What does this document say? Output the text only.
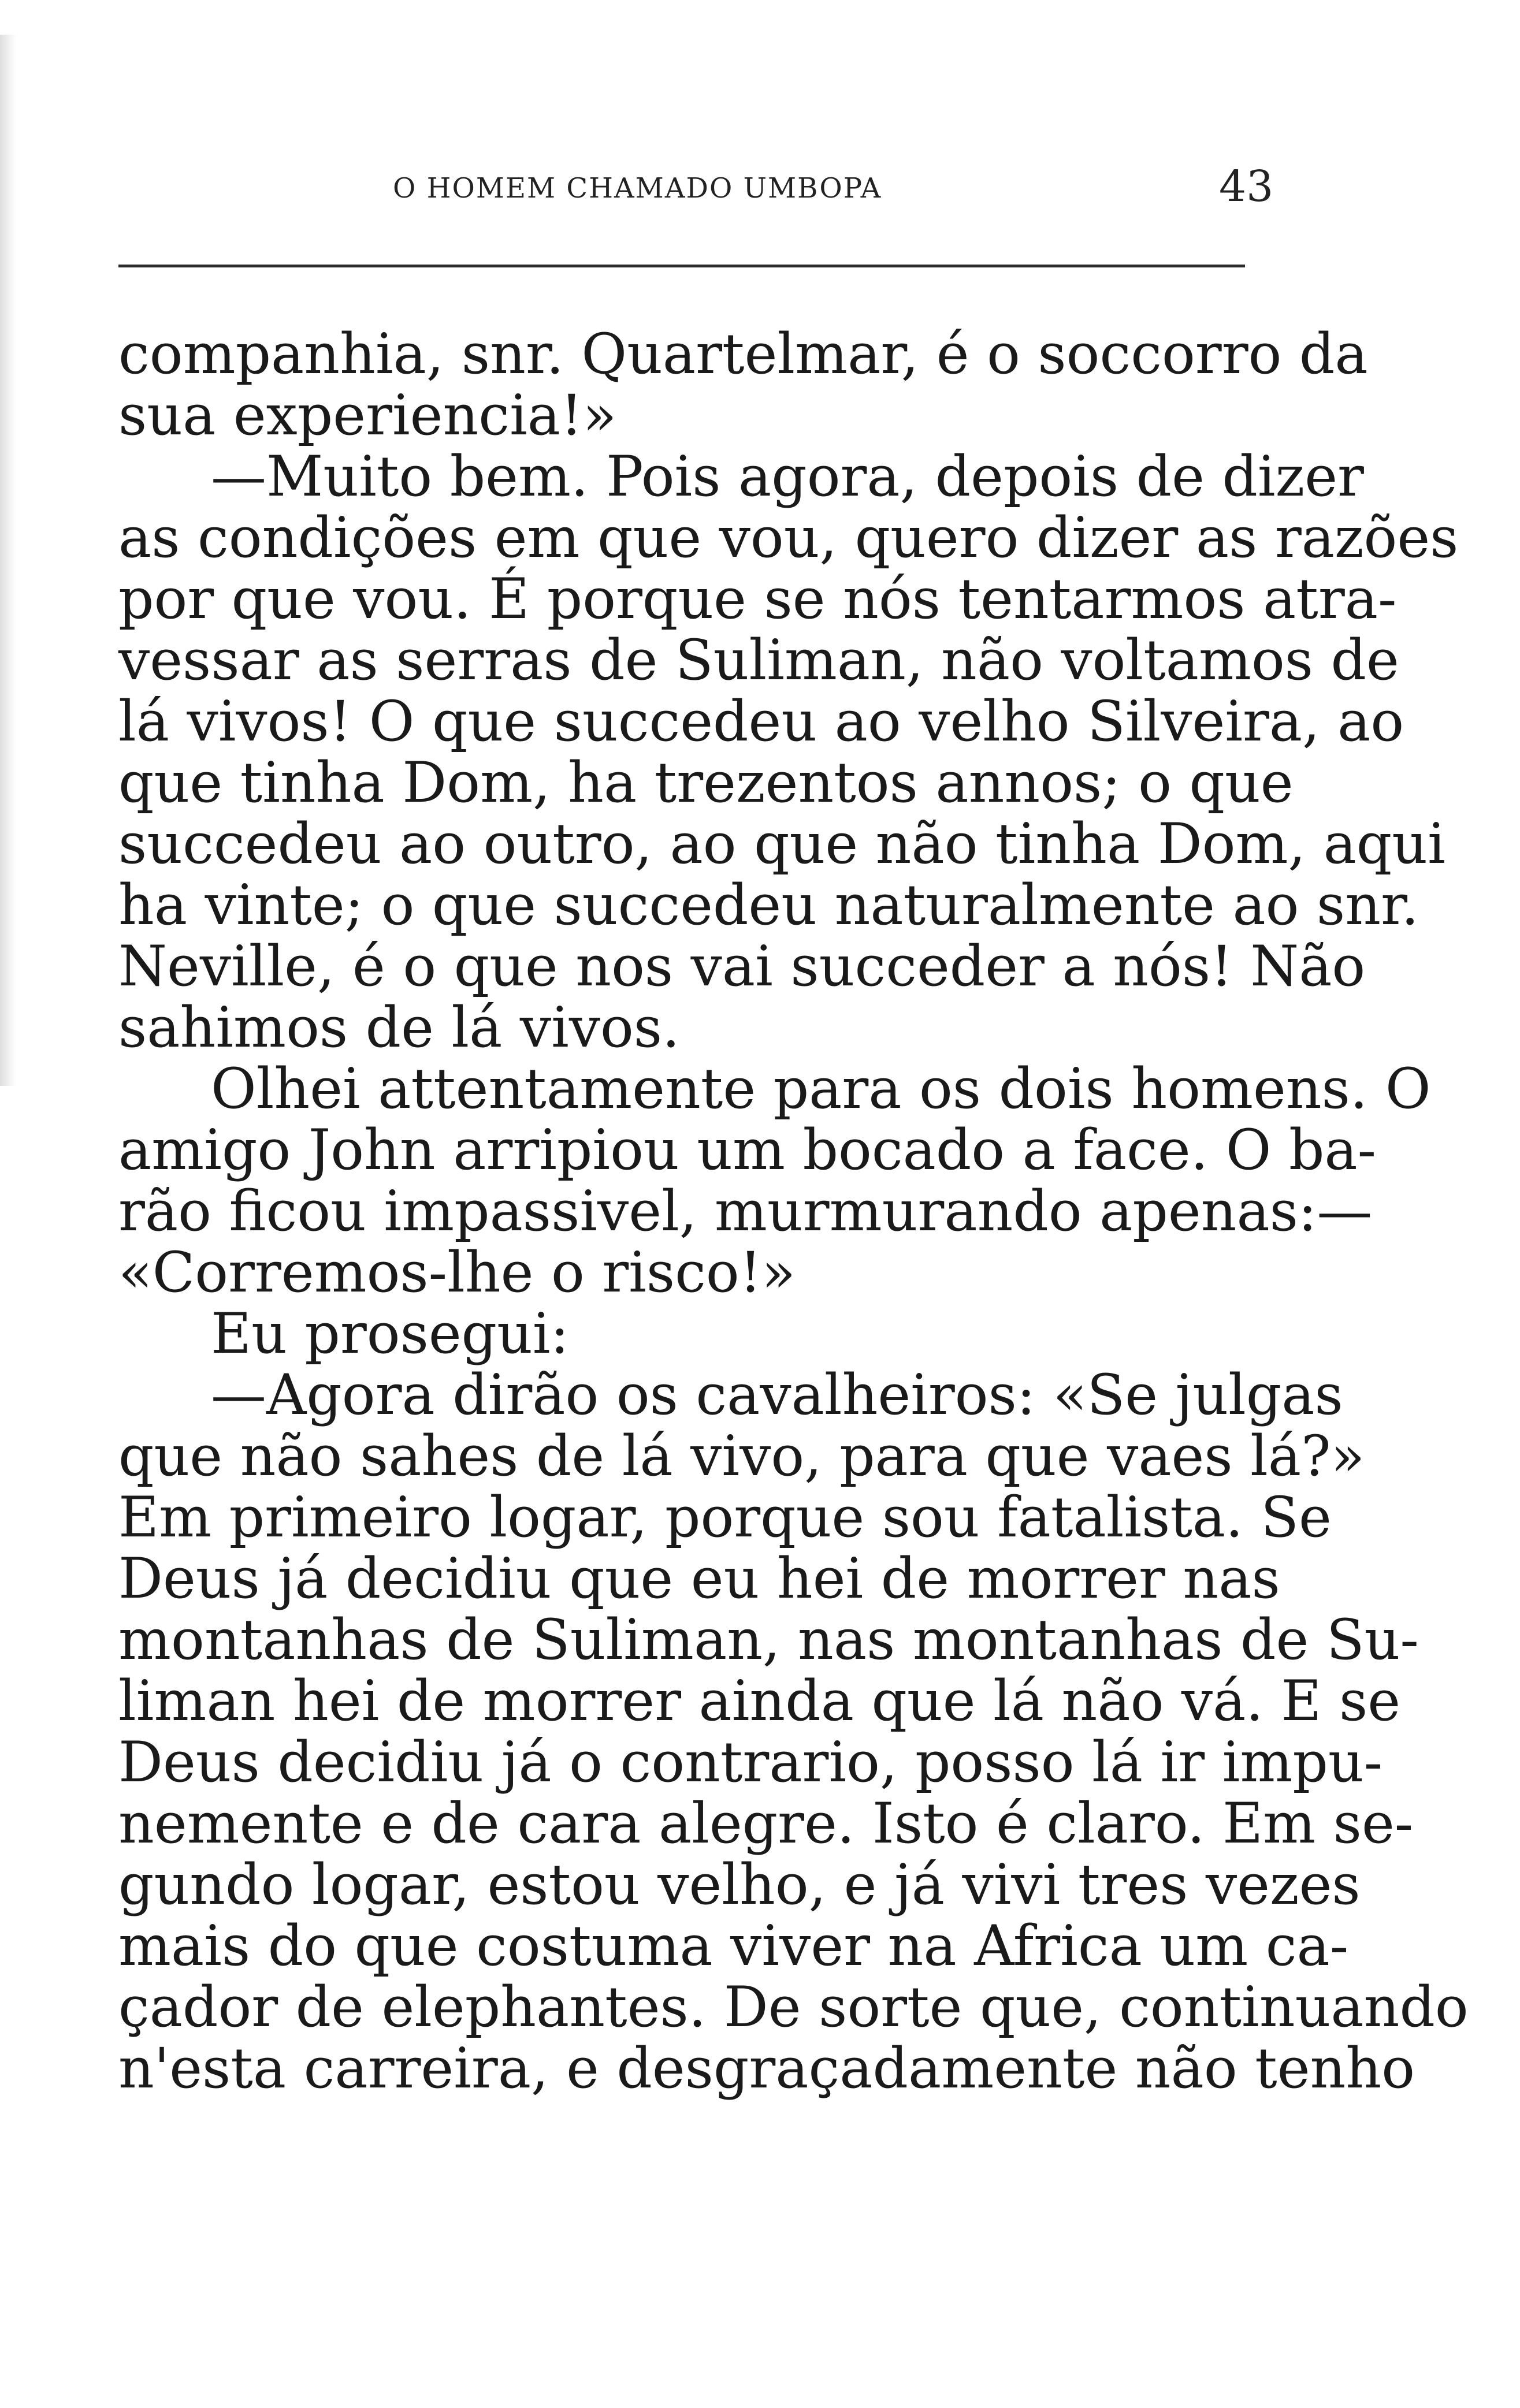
O HOMEM CHAMADO UMBOPA	43
companhia, snr. Quartelmar, é o soccorro da
sua experiencia!»
—Muito bem. Pois agora, depois de dizer
as condições em que vou, quero dizer as razões
por que vou. É porque se nós tentarmos atra-
vessar as serras de Suliman, não voltamos de
lá vivos! O que succedeu ao velho Silveira, ao
que tinha Dom, ha trezentos annos; o que
succedeu ao outro, ao que não tinha Dom, aqui
ha vinte; o que succedeu naturalmente ao snr.
Neville, é o que nos vai succeder a nós! Não
sahimos de lá vivos.
Olhei attentamente para os dois homens. O
amigo John arripiou um bocado a face. O ba-
rão ficou impassivel, murmurando apenas:—
«Corremos-lhe o risco!»
Eu prosegui:
—Agora dirão os cavalheiros: «Se julgas
que não sahes de lá vivo, para que vaes lá?»
Em primeiro logar, porque sou fatalista. Se
Deus já decidiu que eu hei de morrer nas
montanhas de Suliman, nas montanhas de Su-
liman hei de morrer ainda que lá não vá. E se
Deus decidiu já o contrario, posso lá ir impu-
nemente e de cara alegre. Isto é claro. Em se-
gundo logar, estou velho, e já vivi tres vezes
mais do que costuma viver na Africa um ca-
çador de elephantes. De sorte que, continuando
n'esta carreira, e desgraçadamente não tenho
